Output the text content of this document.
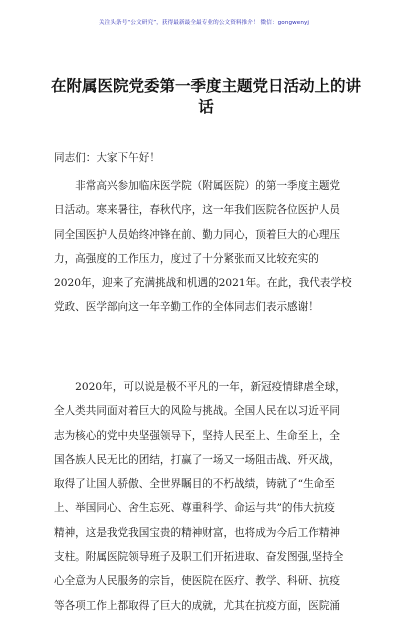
关注头条号“公文研究”，获得最新最全最专业的公文资料推介！ 微信：gongwenyj
在附属医院党委第一季度主题党日活动上的讲
话
同志们：大家下午好！
　　非常高兴参加临床医学院（附属医院）的第一季度主题党
日活动。寒来暑往，春秋代序，这一年我们医院各位医护人员
同全国医护人员始终冲锋在前、勤力同心，顶着巨大的心理压
力，高强度的工作压力，度过了十分紧张而又比较充实的
2020年，迎来了充满挑战和机遇的2021年。在此，我代表学校
党政、医学部向这一年辛勤工作的全体同志们表示感谢！
　　2020年，可以说是极不平凡的一年，新冠疫情肆虐全球，
全人类共同面对着巨大的风险与挑战。全国人民在以习近平同
志为核心的党中央坚强领导下，坚持人民至上、生命至上，全
国各族人民无比的团结，打赢了一场又一场阻击战、歼灭战，
取得了让国人骄傲、全世界瞩目的不朽战绩，铸就了“生命至
上、举国同心、舍生忘死、尊重科学、命运与共”的伟大抗疫
精神，这是我党我国宝贵的精神财富，也将成为今后工作精神
支柱。附属医院领导班子及职工们开拓进取、奋发图强,坚持全
心全意为人民服务的宗旨，使医院在医疗、教学、科研、抗疫
等各项工作上都取得了巨大的成就，尤其在抗疫方面，医院涌
